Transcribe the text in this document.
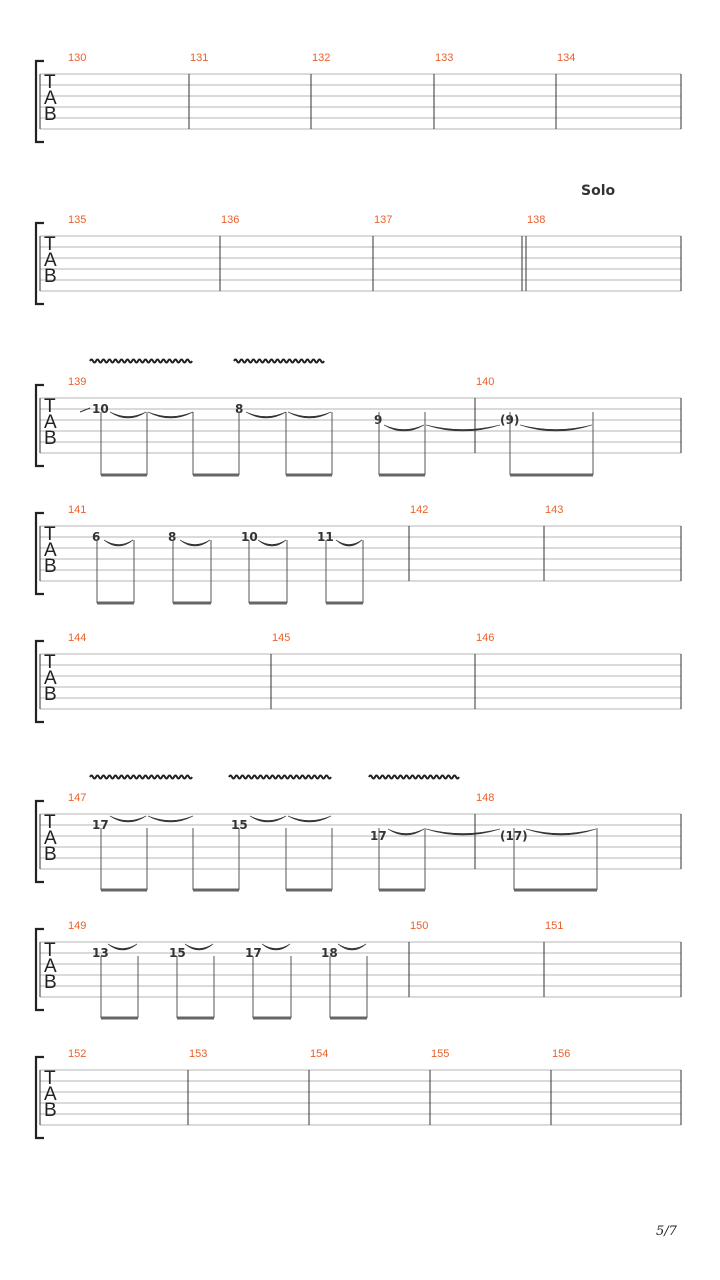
T
A
B
130	131	132	133	134
T
A
B
135	136	137	138
T
A
B
139	140
10	8
9	(9)
T
A
B
141	142	143
6	8	10	11
T
A
B
144	145	146
T
A
B
147	148
17	15
17	(17)
T
A
B
149	150	151
13	15	17	18
T
A
B
152	153	154	155	156
Solo
5/7
